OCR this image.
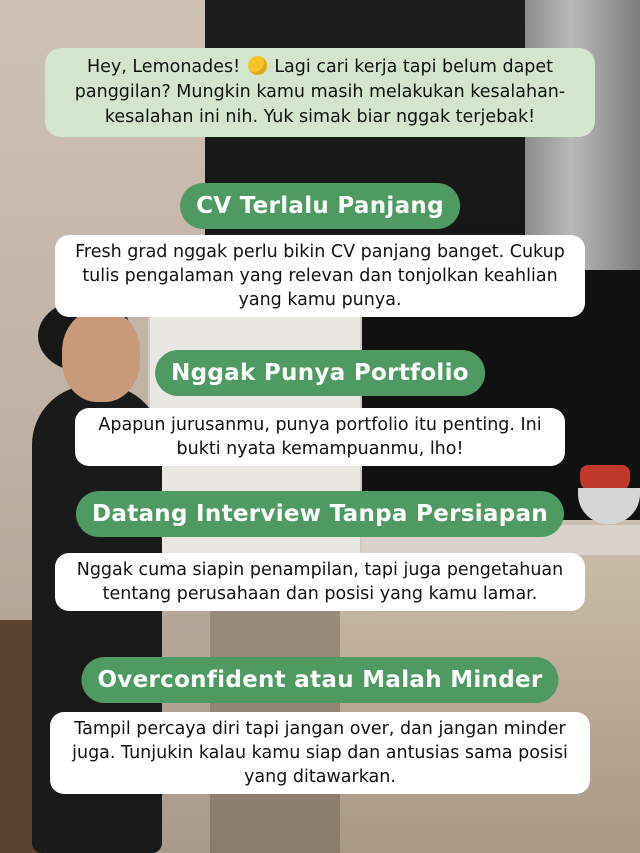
Hey, Lemonades! Lagi cari kerja tapi belum dapet panggilan? Mungkin kamu masih melakukan kesalahan-kesalahan ini nih. Yuk simak biar nggak terjebak!
CV Terlalu Panjang
Fresh grad nggak perlu bikin CV panjang banget. Cukup tulis pengalaman yang relevan dan tonjolkan keahlian yang kamu punya.
Nggak Punya Portfolio
Apapun jurusanmu, punya portfolio itu penting. Ini bukti nyata kemampuanmu, lho!
Datang Interview Tanpa Persiapan
Nggak cuma siapin penampilan, tapi juga pengetahuan tentang perusahaan dan posisi yang kamu lamar.
Overconfident atau Malah Minder
Tampil percaya diri tapi jangan over, dan jangan minder juga. Tunjukin kalau kamu siap dan antusias sama posisi yang ditawarkan.
